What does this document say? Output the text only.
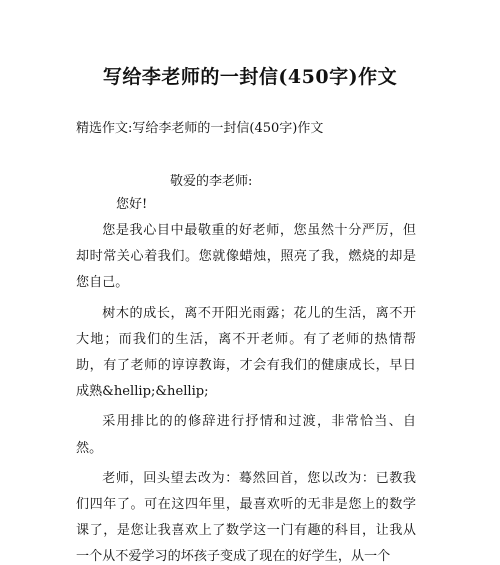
写给李老师的一封信(450字)作文
精选作文:写给李老师的一封信(450字)作文
敬爱的李老师:
您好!

您是我心目中最敬重的好老师，您虽然十分严厉，但却时常关心着我们。您就像蜡烛，照亮了我，燃烧的却是您自己。

树木的成长，离不开阳光雨露；花儿的生活，离不开大地；而我们的生活，离不开老师。有了老师的热情帮助，有了老师的谆谆教诲，才会有我们的健康成长，早日成熟&hellip;&hellip;

采用排比的的修辞进行抒情和过渡，非常恰当、自然。

老师，回头望去改为：蓦然回首，您以改为：已教我们四年了。可在这四年里，最喜欢听的无非是您上的数学课了，是您让我喜欢上了数学这一门有趣的科目，让我从一个从不爱学习的坏孩子变成了现在的好学生，从一个
